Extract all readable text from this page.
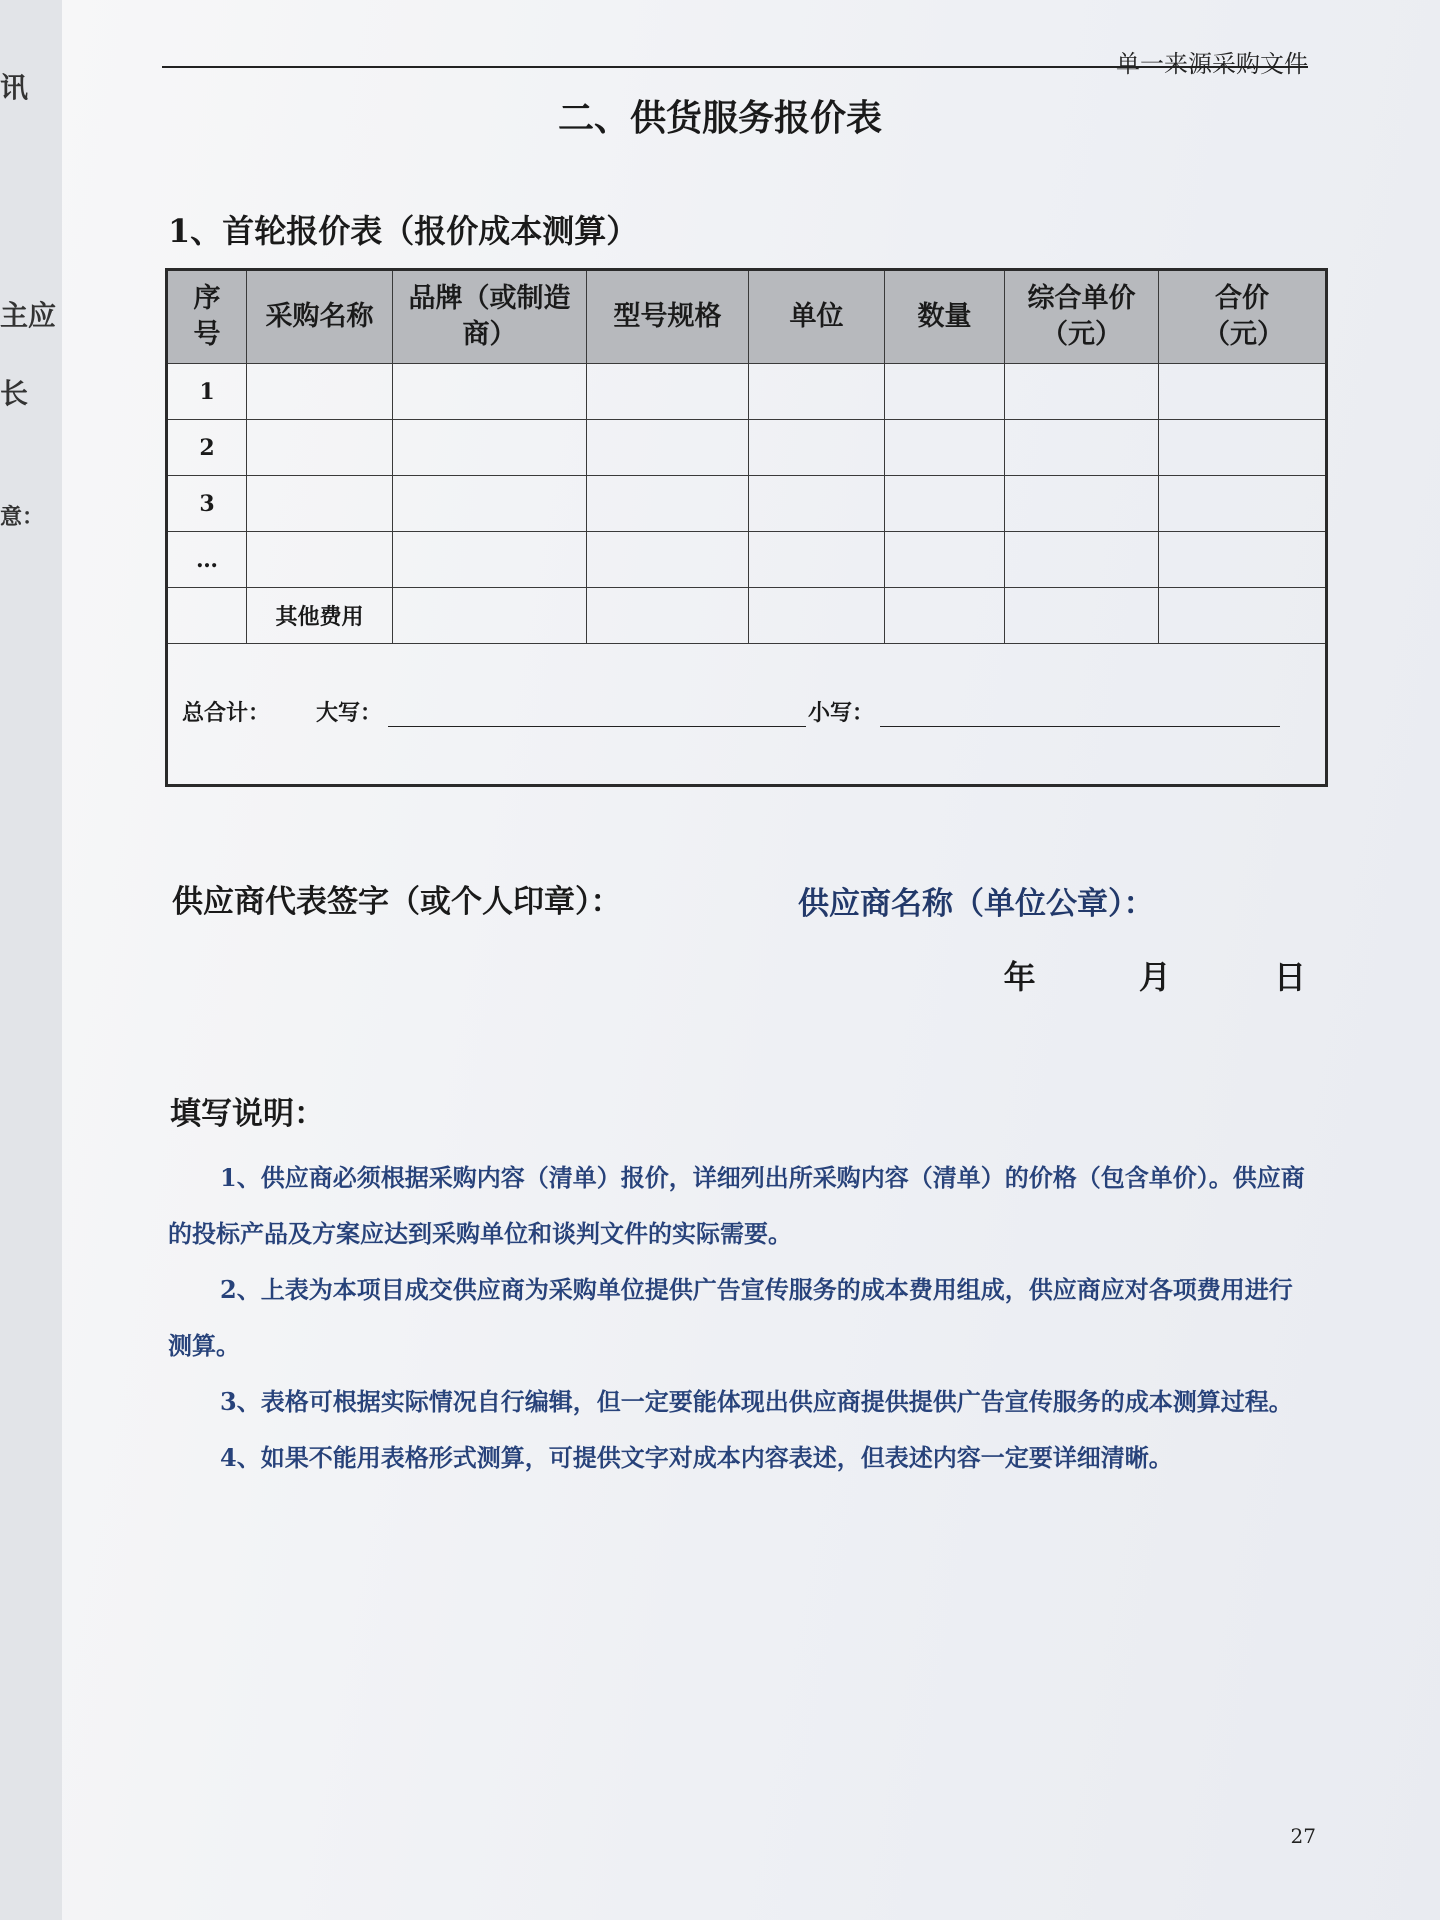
讯
主应
长
意：
单一来源采购文件
二、供货服务报价表
1、首轮报价表（报价成本测算）
序号	采购名称	品牌（或制造商）	型号规格	单位	数量	综合单价（元）	合价（元）
1							
2							
3							
…							
	其他费用						

总合计： 大写： 小写：							
供应商代表签字（或个人印章）：	供应商名称（单位公章）：
年	月	日
填写说明：

1、供应商必须根据采购内容（清单）报价，详细列出所采购内容（清单）的价格（包含单价）。供应商的投标产品及方案应达到采购单位和谈判文件的实际需要。

2、上表为本项目成交供应商为采购单位提供广告宣传服务的成本费用组成，供应商应对各项费用进行测算。

3、表格可根据实际情况自行编辑，但一定要能体现出供应商提供提供广告宣传服务的成本测算过程。

4、如果不能用表格形式测算，可提供文字对成本内容表述，但表述内容一定要详细清晰。

27
